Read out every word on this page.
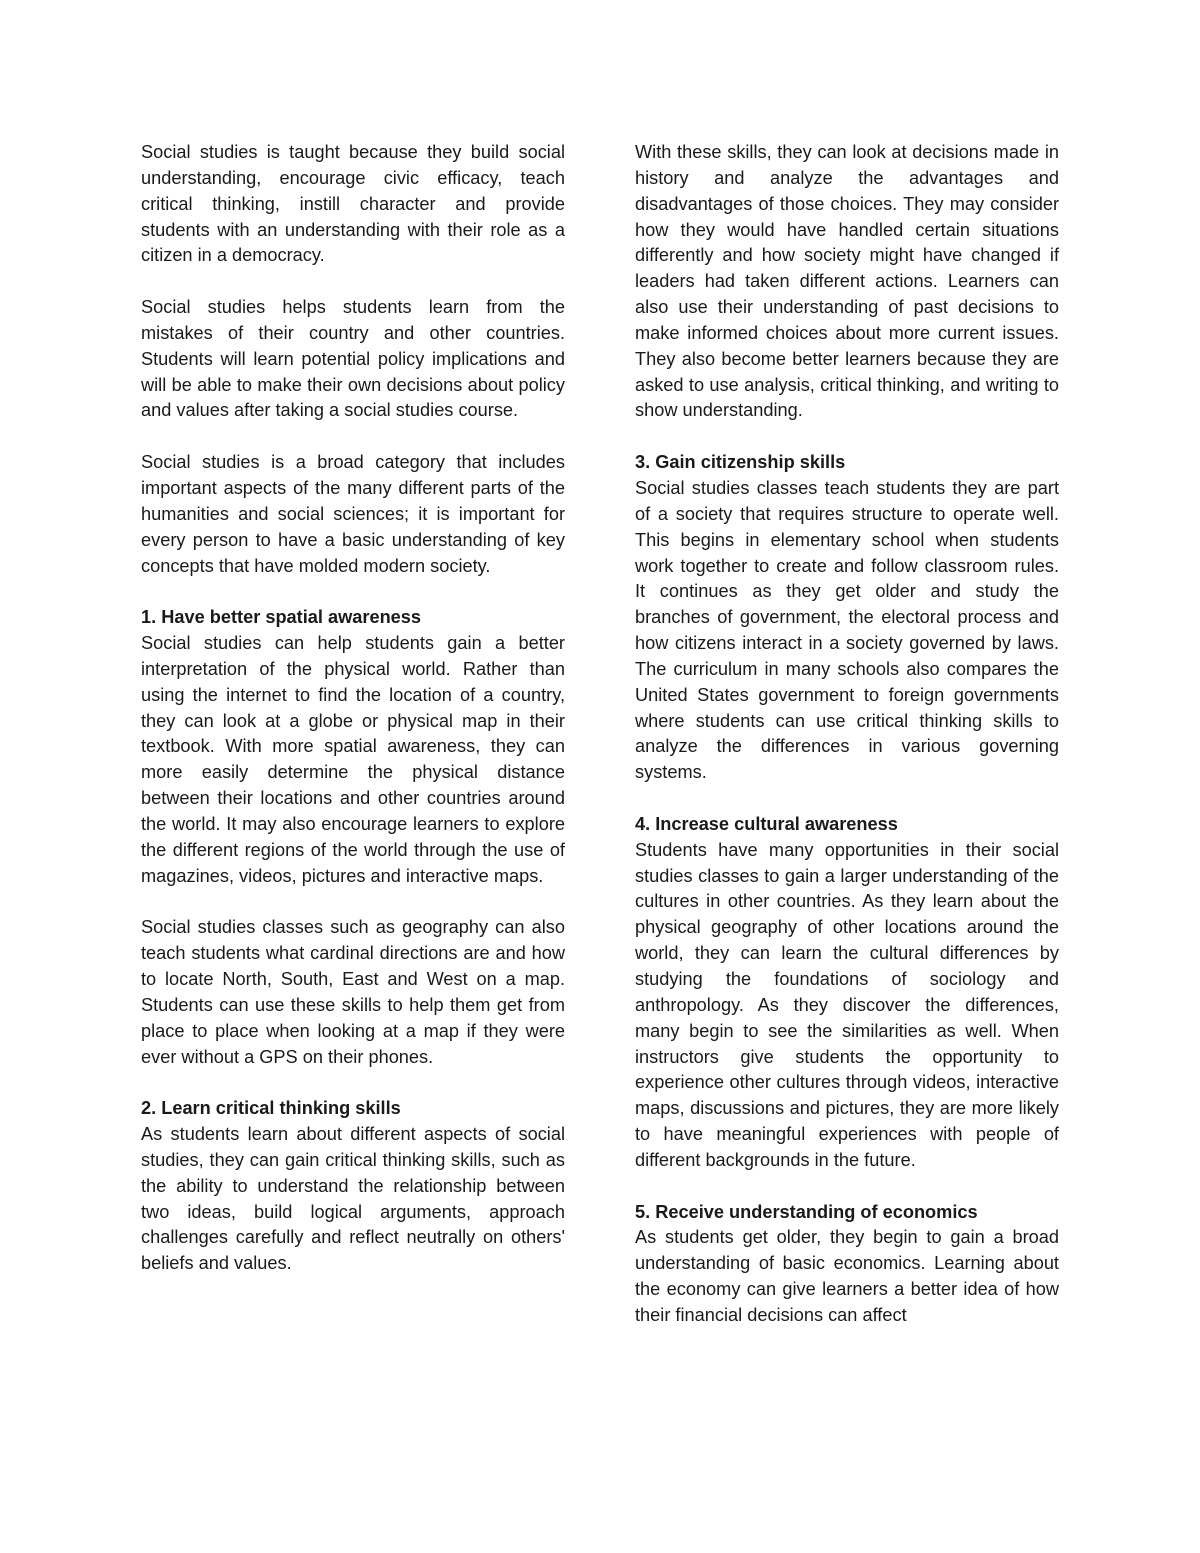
Social studies is taught because they build social understanding, encourage civic efficacy, teach critical thinking, instill character and provide students with an understanding with their role as a citizen in a democracy.

Social studies helps students learn from the mistakes of their country and other countries. Students will learn potential policy implications and will be able to make their own decisions about policy and values after taking a social studies course.

Social studies is a broad category that includes important aspects of the many different parts of the humanities and social sciences; it is important for every person to have a basic understanding of key concepts that have molded modern society.

1. Have better spatial awareness

Social studies can help students gain a better interpretation of the physical world. Rather than using the internet to find the location of a country, they can look at a globe or physical map in their textbook. With more spatial awareness, they can more easily determine the physical distance between their locations and other countries around the world. It may also encourage learners to explore the different regions of the world through the use of magazines, videos, pictures and interactive maps.

Social studies classes such as geography can also teach students what cardinal directions are and how to locate North, South, East and West on a map. Students can use these skills to help them get from place to place when looking at a map if they were ever without a GPS on their phones.

2. Learn critical thinking skills

As students learn about different aspects of social studies, they can gain critical thinking skills, such as the ability to understand the relationship between two ideas, build logical arguments, approach challenges carefully and reflect neutrally on others' beliefs and values.

With these skills, they can look at decisions made in history and analyze the advantages and disadvantages of those choices. They may consider how they would have handled certain situations differently and how society might have changed if leaders had taken different actions. Learners can also use their understanding of past decisions to make informed choices about more current issues. They also become better learners because they are asked to use analysis, critical thinking, and writing to show understanding.

3. Gain citizenship skills

Social studies classes teach students they are part of a society that requires structure to operate well. This begins in elementary school when students work together to create and follow classroom rules. It continues as they get older and study the branches of government, the electoral process and how citizens interact in a society governed by laws. The curriculum in many schools also compares the United States government to foreign governments where students can use critical thinking skills to analyze the differences in various governing systems.

4. Increase cultural awareness

Students have many opportunities in their social studies classes to gain a larger understanding of the cultures in other countries. As they learn about the physical geography of other locations around the world, they can learn the cultural differences by studying the foundations of sociology and anthropology. As they discover the differences, many begin to see the similarities as well. When instructors give students the opportunity to experience other cultures through videos, interactive maps, discussions and pictures, they are more likely to have meaningful experiences with people of different backgrounds in the future.

5. Receive understanding of economics

As students get older, they begin to gain a broad understanding of basic economics. Learning about the economy can give learners a better idea of how their financial decisions can affect
